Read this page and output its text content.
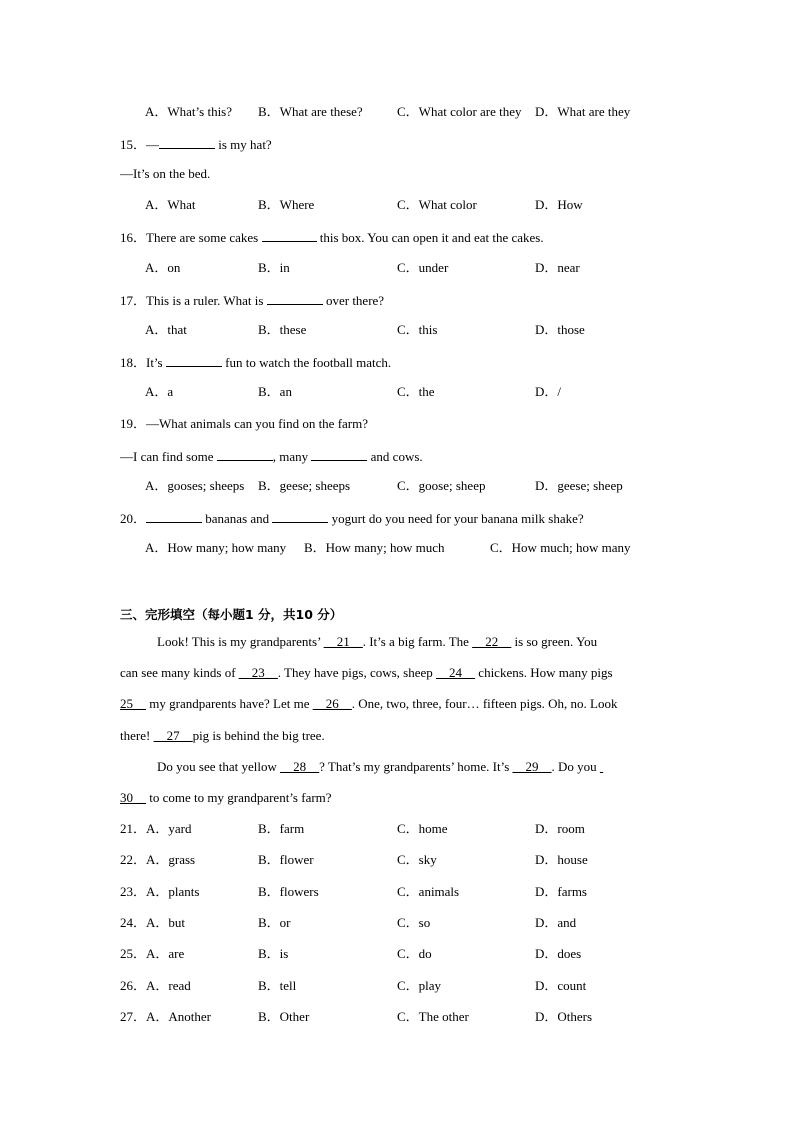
A．What’s this? B．What are these?	C．What color are they D．What are they
15．—	is my hat?
—It’s on the bed.
A．What	B．Where	C．What color	D．How
16．There are some cakes	this box. You can open it and eat the cakes.
A．on	B．in	C．under	D．near
17．This is a ruler. What is	over there?
A．that	B．these	C．this	D．those
18．It’s	fun to watch the football match.
A．a	B．an	C．the	D．/
19．—What animals can you find on the farm?
—I can find some	, many	and cows.
A．gooses; sheeps B．geese; sheeps	C．goose; sheep	D．geese; sheep
20．	bananas and	yogurt do you need for your banana milk shake?
A．How many; how many B．How many; how much	C．How much; how many
三、完形填空（每小题1 分，共10 分）
Look! This is my grandparents’ __21__. It’s a big farm. The __22__ is so green. You
can see many kinds of __23__. They have pigs, cows, sheep __24__ chickens. How many pigs
25__ my grandparents have? Let me __26__. One, two, three, four… fifteen pigs. Oh, no. Look
there! __27__pig is behind the big tree.
Do you see that yellow __28__? That’s my grandparents’ home. It’s __29__. Do you
30__ to come to my grandparent’s farm?
21．A．yard	B．farm	C．home	D．room
22．A．grass	B．flower	C．sky	D．house
23．A．plants	B．flowers	C．animals	D．farms
24．A．but	B．or	C．so	D．and
25．A．are	B．is	C．do	D．does
26．A．read	B．tell	C．play	D．count
27．A．Another	B．Other	C．The other	D．Others
